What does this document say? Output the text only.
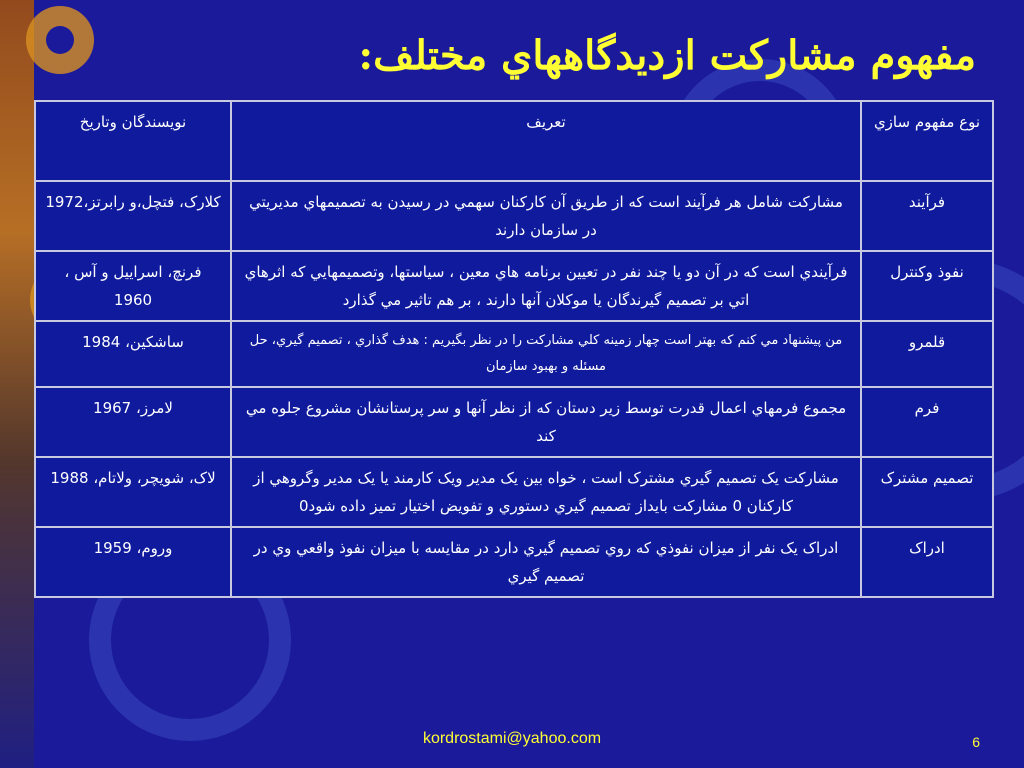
مفهوم مشارکت ازديدگاههاي مختلف:
نوع مفهوم سازي	تعريف	نويسندگان وتاريخ
فرآيند	مشارکت شامل هر فرآيند است که از طريق آن کارکنان سهمي در رسيدن به تصميمهاي مديريتي در سازمان دارند	کلارک، فتچل،و رابرتز،1972
نفوذ وکنترل	فرآيندي است که در آن دو يا چند نفر در تعيين برنامه هاي معين ، سياستها، وتصميمهايي که اثرهاي اتي بر تصميم گيرندگان يا موکلان آنها دارند ، بر هم تاثير مي گذارد	فرنچ، اسراييل و آس ، 1960
قلمرو	من پيشنهاد مي کنم که بهتر است چهار زمينه کلي مشارکت را در نظر بگيريم : هدف گذاري ، تصميم گيري، حل مسئله و بهبود سازمان	ساشکين، 1984
فرم	مجموع فرمهاي اعمال قدرت توسط زير دستان که از نظر آنها و سر پرستانشان مشروع جلوه مي کند	لامرز، 1967
تصميم مشترک	مشارکت يک تصميم گيري مشترک است ، خواه بين يک مدير ويک کارمند يا يک مدير وگروهي از کارکنان 0 مشارکت بايداز تصميم گيري دستوري و تفويض اختيار تميز داده شود0	لاک، شويچر، ولاتام، 1988
ادراک	ادراک يک نفر از ميزان نفوذي که روي تصميم گيري دارد در مقايسه با ميزان نفوذ واقعي وي در تصميم گيري	وروم، 1959
kordrostami@yahoo.com	6
